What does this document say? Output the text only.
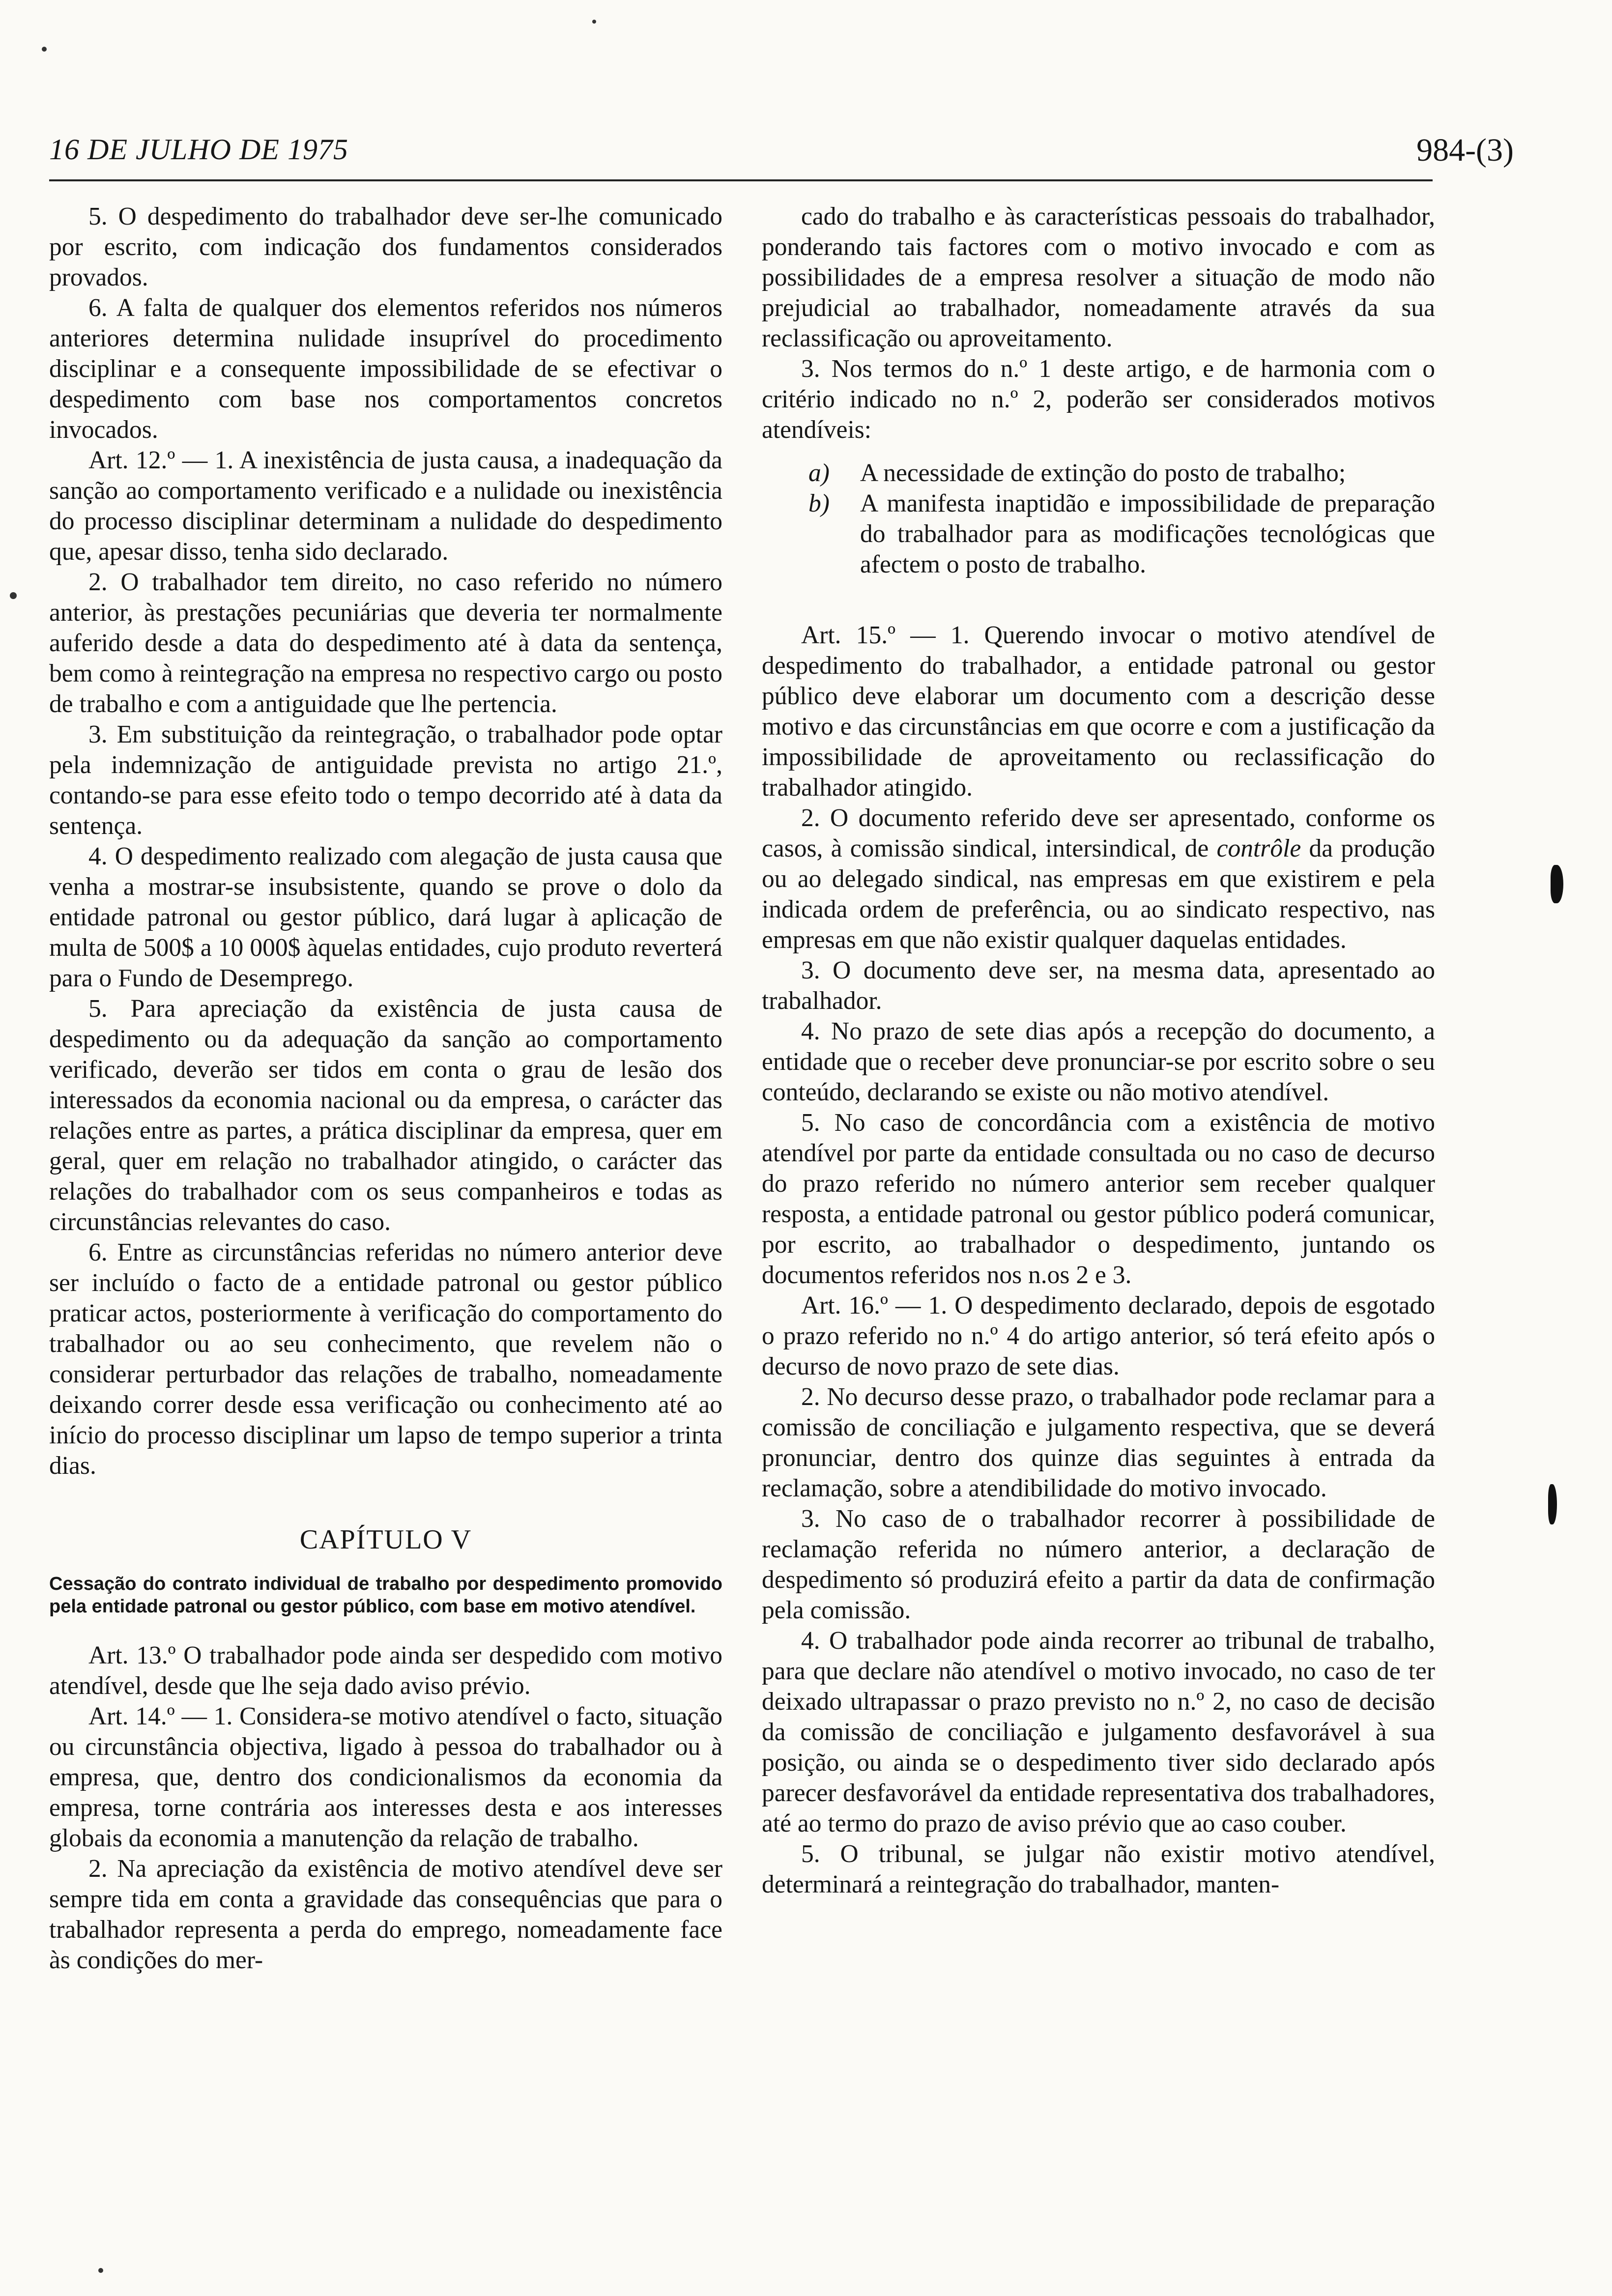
16 DE JULHO DE 1975	984-(3)

5. O despedimento do trabalhador deve ser-lhe comunicado por escrito, com indicação dos fundamentos considerados provados.

6. A falta de qualquer dos elementos referidos nos números anteriores determina nulidade insuprível do procedimento disciplinar e a consequente impossibilidade de se efectivar o despedimento com base nos comportamentos concretos invocados.

Art. 12.º — 1. A inexistência de justa causa, a inadequação da sanção ao comportamento verificado e a nulidade ou inexistência do processo disciplinar determinam a nulidade do despedimento que, apesar disso, tenha sido declarado.

2. O trabalhador tem direito, no caso referido no número anterior, às prestações pecuniárias que deveria ter normalmente auferido desde a data do despedimento até à data da sentença, bem como à reintegração na empresa no respectivo cargo ou posto de trabalho e com a antiguidade que lhe pertencia.

3. Em substituição da reintegração, o trabalhador pode optar pela indemnização de antiguidade prevista no artigo 21.º, contando-se para esse efeito todo o tempo decorrido até à data da sentença.

4. O despedimento realizado com alegação de justa causa que venha a mostrar-se insubsistente, quando se prove o dolo da entidade patronal ou gestor público, dará lugar à aplicação de multa de 500$ a 10 000$ àquelas entidades, cujo produto reverterá para o Fundo de Desemprego.

5. Para apreciação da existência de justa causa de despedimento ou da adequação da sanção ao comportamento verificado, deverão ser tidos em conta o grau de lesão dos interessados da economia nacional ou da empresa, o carácter das relações entre as partes, a prática disciplinar da empresa, quer em geral, quer em relação no trabalhador atingido, o carácter das relações do trabalhador com os seus companheiros e todas as circunstâncias relevantes do caso.

6. Entre as circunstâncias referidas no número anterior deve ser incluído o facto de a entidade patronal ou gestor público praticar actos, posteriormente à verificação do comportamento do trabalhador ou ao seu conhecimento, que revelem não o considerar perturbador das relações de trabalho, nomeadamente deixando correr desde essa verificação ou conhecimento até ao início do processo disciplinar um lapso de tempo superior a trinta dias.

CAPÍTULO V

Cessação do contrato individual de trabalho por despedimento promovido pela entidade patronal ou gestor público, com base em motivo atendível.

Art. 13.º O trabalhador pode ainda ser despedido com motivo atendível, desde que lhe seja dado aviso prévio.

Art. 14.º — 1. Considera-se motivo atendível o facto, situação ou circunstância objectiva, ligado à pessoa do trabalhador ou à empresa, que, dentro dos condicionalismos da economia da empresa, torne contrária aos interesses desta e aos interesses globais da economia a manutenção da relação de trabalho.

2. Na apreciação da existência de motivo atendível deve ser sempre tida em conta a gravidade das consequências que para o trabalhador representa a perda do emprego, nomeadamente face às condições do mer-

cado do trabalho e às características pessoais do trabalhador, ponderando tais factores com o motivo invocado e com as possibilidades de a empresa resolver a situação de modo não prejudicial ao trabalhador, nomeadamente através da sua reclassificação ou aproveitamento.

3. Nos termos do n.º 1 deste artigo, e de harmonia com o critério indicado no n.º 2, poderão ser considerados motivos atendíveis:

a)	A necessidade de extinção do posto de trabalho;
b)	A manifesta inaptidão e impossibilidade de preparação do trabalhador para as modificações tecnológicas que afectem o posto de trabalho.

Art. 15.º — 1. Querendo invocar o motivo atendível de despedimento do trabalhador, a entidade patronal ou gestor público deve elaborar um documento com a descrição desse motivo e das circunstâncias em que ocorre e com a justificação da impossibilidade de aproveitamento ou reclassificação do trabalhador atingido.

2. O documento referido deve ser apresentado, conforme os casos, à comissão sindical, intersindical, de contrôle da produção ou ao delegado sindical, nas empresas em que existirem e pela indicada ordem de preferência, ou ao sindicato respectivo, nas empresas em que não existir qualquer daquelas entidades.

3. O documento deve ser, na mesma data, apresentado ao trabalhador.

4. No prazo de sete dias após a recepção do documento, a entidade que o receber deve pronunciar-se por escrito sobre o seu conteúdo, declarando se existe ou não motivo atendível.

5. No caso de concordância com a existência de motivo atendível por parte da entidade consultada ou no caso de decurso do prazo referido no número anterior sem receber qualquer resposta, a entidade patronal ou gestor público poderá comunicar, por escrito, ao trabalhador o despedimento, juntando os documentos referidos nos n.os 2 e 3.

Art. 16.º — 1. O despedimento declarado, depois de esgotado o prazo referido no n.º 4 do artigo anterior, só terá efeito após o decurso de novo prazo de sete dias.

2. No decurso desse prazo, o trabalhador pode reclamar para a comissão de conciliação e julgamento respectiva, que se deverá pronunciar, dentro dos quinze dias seguintes à entrada da reclamação, sobre a atendibilidade do motivo invocado.

3. No caso de o trabalhador recorrer à possibilidade de reclamação referida no número anterior, a declaração de despedimento só produzirá efeito a partir da data de confirmação pela comissão.

4. O trabalhador pode ainda recorrer ao tribunal de trabalho, para que declare não atendível o motivo invocado, no caso de ter deixado ultrapassar o prazo previsto no n.º 2, no caso de decisão da comissão de conciliação e julgamento desfavorável à sua posição, ou ainda se o despedimento tiver sido declarado após parecer desfavorável da entidade representativa dos trabalhadores, até ao termo do prazo de aviso prévio que ao caso couber.

5. O tribunal, se julgar não existir motivo atendível, determinará a reintegração do trabalhador, manten-
